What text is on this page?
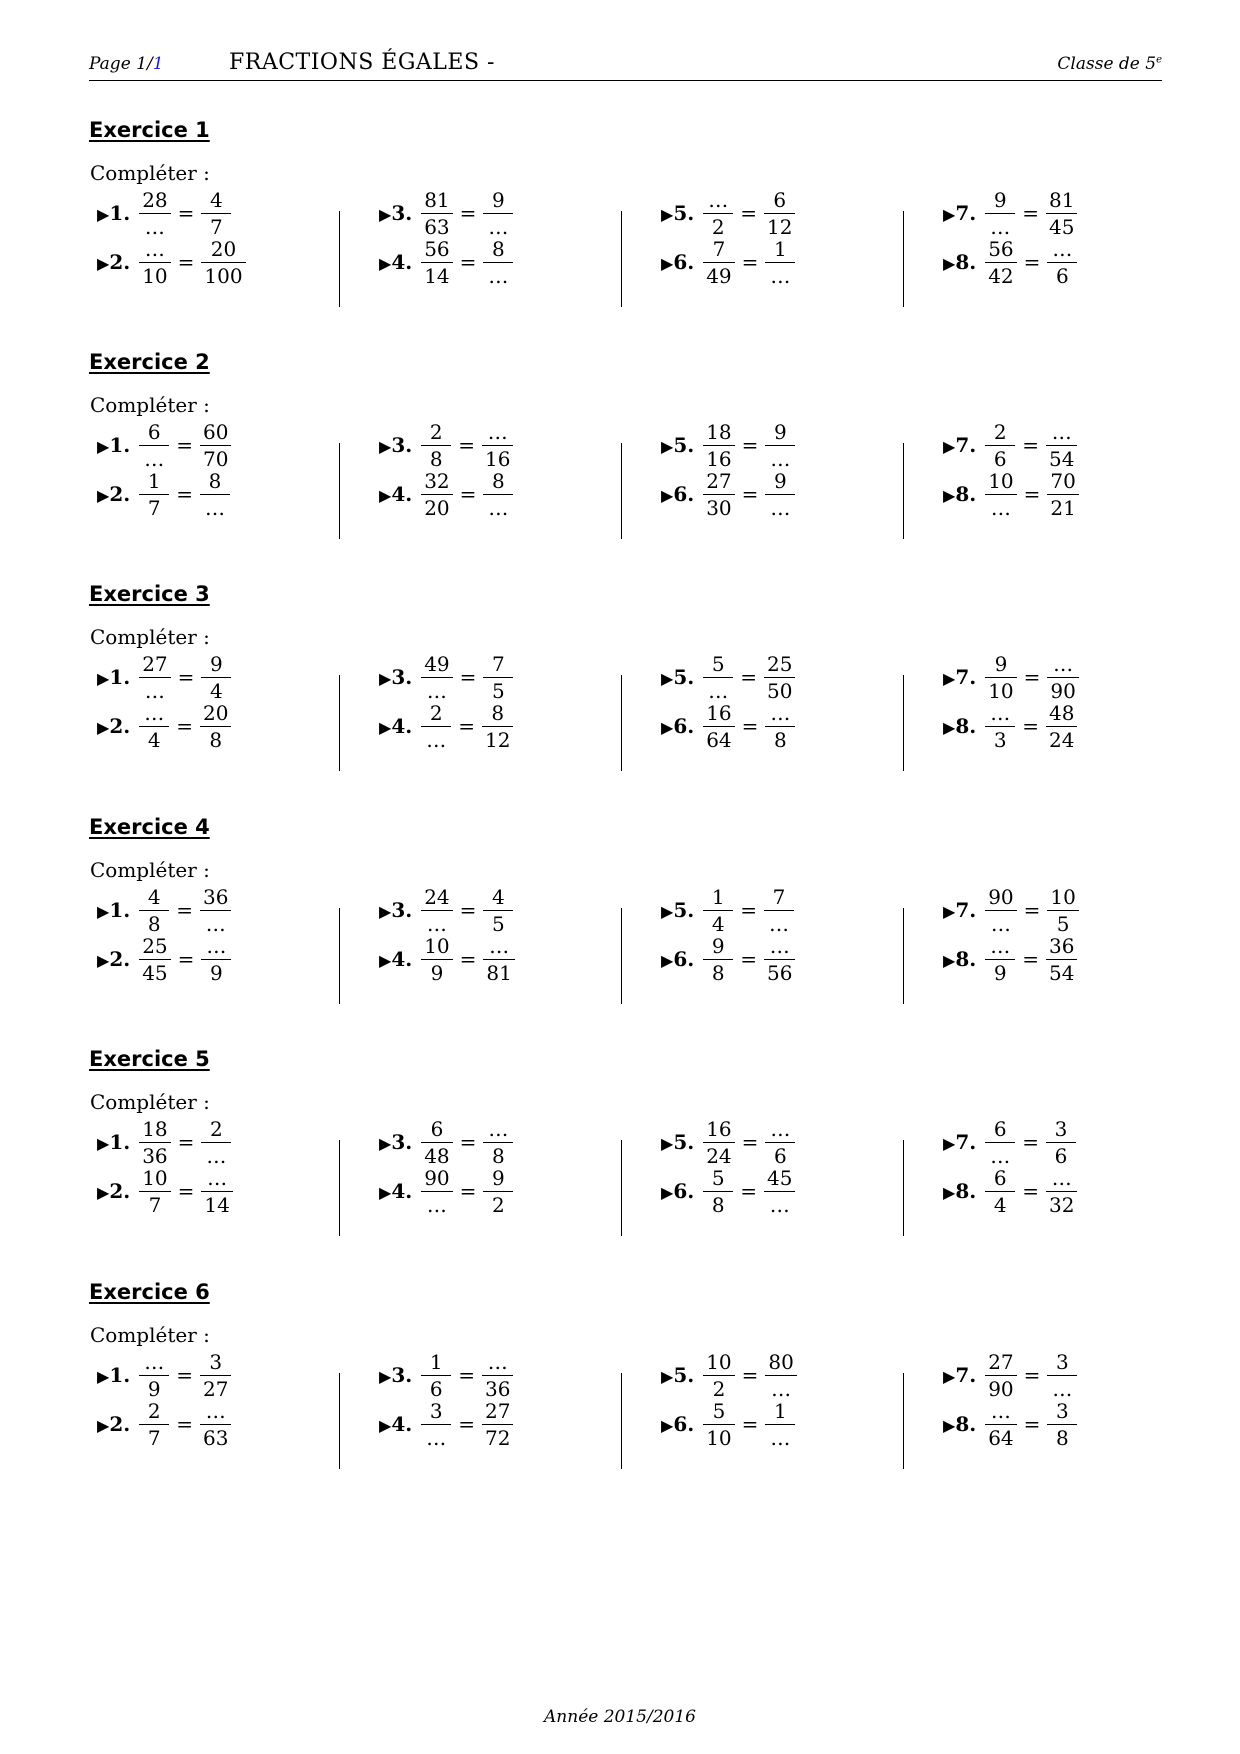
Page 1/1	FRACTIONS ÉGALES -	Classe de 5e
Exercice 1
Compléter :
▶1. $\frac{28}{\dots} = \frac{4}{7}$
▶2. $\frac{\dots}{10} = \frac{20}{100}$
▶3. $\frac{81}{63} = \frac{9}{\dots}$
▶4. $\frac{56}{14} = \frac{8}{\dots}$
▶5. $\frac{\dots}{2} = \frac{6}{12}$
▶6. $\frac{7}{49} = \frac{1}{\dots}$
▶7. $\frac{9}{\dots} = \frac{81}{45}$
▶8. $\frac{56}{42} = \frac{\dots}{6}$
Exercice 2
Compléter :
▶1. $\frac{6}{\dots} = \frac{60}{70}$
▶2. $\frac{1}{7} = \frac{8}{\dots}$
▶3. $\frac{2}{8} = \frac{\dots}{16}$
▶4. $\frac{32}{20} = \frac{8}{\dots}$
▶5. $\frac{18}{16} = \frac{9}{\dots}$
▶6. $\frac{27}{30} = \frac{9}{\dots}$
▶7. $\frac{2}{6} = \frac{\dots}{54}$
▶8. $\frac{10}{\dots} = \frac{70}{21}$
Exercice 3
Compléter :
▶1. $\frac{27}{\dots} = \frac{9}{4}$
▶2. $\frac{\dots}{4} = \frac{20}{8}$
▶3. $\frac{49}{\dots} = \frac{7}{5}$
▶4. $\frac{2}{\dots} = \frac{8}{12}$
▶5. $\frac{5}{\dots} = \frac{25}{50}$
▶6. $\frac{16}{64} = \frac{\dots}{8}$
▶7. $\frac{9}{10} = \frac{\dots}{90}$
▶8. $\frac{\dots}{3} = \frac{48}{24}$
Exercice 4
Compléter :
▶1. $\frac{4}{8} = \frac{36}{\dots}$
▶2. $\frac{25}{45} = \frac{\dots}{9}$
▶3. $\frac{24}{\dots} = \frac{4}{5}$
▶4. $\frac{10}{9} = \frac{\dots}{81}$
▶5. $\frac{1}{4} = \frac{7}{\dots}$
▶6. $\frac{9}{8} = \frac{\dots}{56}$
▶7. $\frac{90}{\dots} = \frac{10}{5}$
▶8. $\frac{\dots}{9} = \frac{36}{54}$
Exercice 5
Compléter :
▶1. $\frac{18}{36} = \frac{2}{\dots}$
▶2. $\frac{10}{7} = \frac{\dots}{14}$
▶3. $\frac{6}{48} = \frac{\dots}{8}$
▶4. $\frac{90}{\dots} = \frac{9}{2}$
▶5. $\frac{16}{24} = \frac{\dots}{6}$
▶6. $\frac{5}{8} = \frac{45}{\dots}$
▶7. $\frac{6}{\dots} = \frac{3}{6}$
▶8. $\frac{6}{4} = \frac{\dots}{32}$
Exercice 6
Compléter :
▶1. $\frac{\dots}{9} = \frac{3}{27}$
▶2. $\frac{2}{7} = \frac{\dots}{63}$
▶3. $\frac{1}{6} = \frac{\dots}{36}$
▶4. $\frac{3}{\dots} = \frac{27}{72}$
▶5. $\frac{10}{2} = \frac{80}{\dots}$
▶6. $\frac{5}{10} = \frac{1}{\dots}$
▶7. $\frac{27}{90} = \frac{3}{\dots}$
▶8. $\frac{\dots}{64} = \frac{3}{8}$
Année 2015/2016
